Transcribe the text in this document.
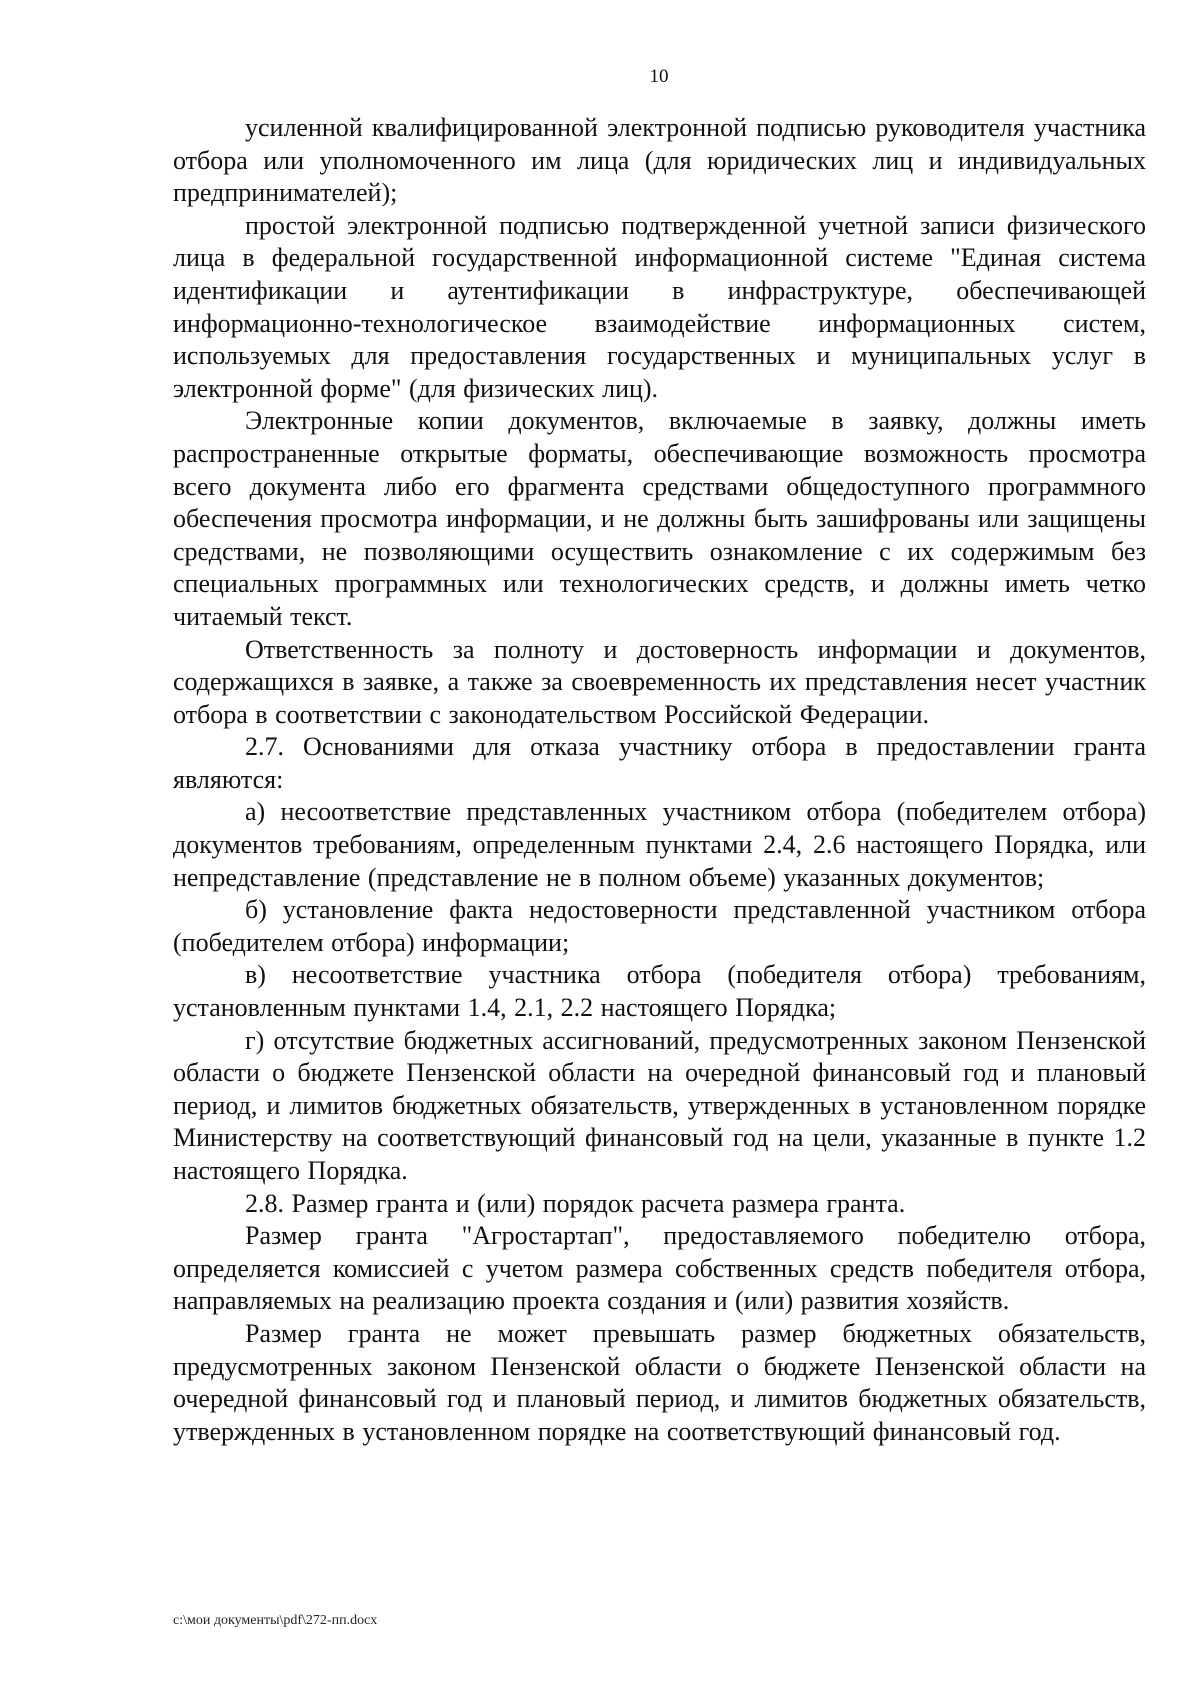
10

усиленной квалифицированной электронной подписью руководителя участника отбора или уполномоченного им лица (для юридических лиц и индивидуальных предпринимателей);

простой электронной подписью подтвержденной учетной записи физического лица в федеральной государственной информационной системе "Единая система идентификации и аутентификации в инфраструктуре, обеспечивающей информационно-технологическое взаимодействие информационных систем, используемых для предоставления государственных и муниципальных услуг в электронной форме" (для физических лиц).

Электронные копии документов, включаемые в заявку, должны иметь распространенные открытые форматы, обеспечивающие возможность просмотра всего документа либо его фрагмента средствами общедоступного программного обеспечения просмотра информации, и не должны быть зашифрованы или защищены средствами, не позволяющими осуществить ознакомление с их содержимым без специальных программных или технологических средств, и должны иметь четко читаемый текст.

Ответственность за полноту и достоверность информации и документов, содержащихся в заявке, а также за своевременность их представления несет участник отбора в соответствии с законодательством Российской Федерации.

2.7. Основаниями для отказа участнику отбора в предоставлении гранта являются:

а) несоответствие представленных участником отбора (победителем отбора) документов требованиям, определенным пунктами 2.4, 2.6 настоящего Порядка, или непредставление (представление не в полном объеме) указанных документов;

б) установление факта недостоверности представленной участником отбора (победителем отбора) информации;

в) несоответствие участника отбора (победителя отбора) требованиям, установленным пунктами 1.4, 2.1, 2.2 настоящего Порядка;

г) отсутствие бюджетных ассигнований, предусмотренных законом Пензенской области о бюджете Пензенской области на очередной финансовый год и плановый период, и лимитов бюджетных обязательств, утвержденных в установленном порядке Министерству на соответствующий финансовый год на цели, указанные в пункте 1.2 настоящего Порядка.

2.8. Размер гранта и (или) порядок расчета размера гранта.

Размер гранта "Агростартап", предоставляемого победителю отбора, определяется комиссией с учетом размера собственных средств победителя отбора, направляемых на реализацию проекта создания и (или) развития хозяйств.

Размер гранта не может превышать размер бюджетных обязательств, предусмотренных законом Пензенской области о бюджете Пензенской области на очередной финансовый год и плановый период, и лимитов бюджетных обязательств, утвержденных в установленном порядке на соответствующий финансовый год.

c:\мои документы\pdf\272-пп.docx
